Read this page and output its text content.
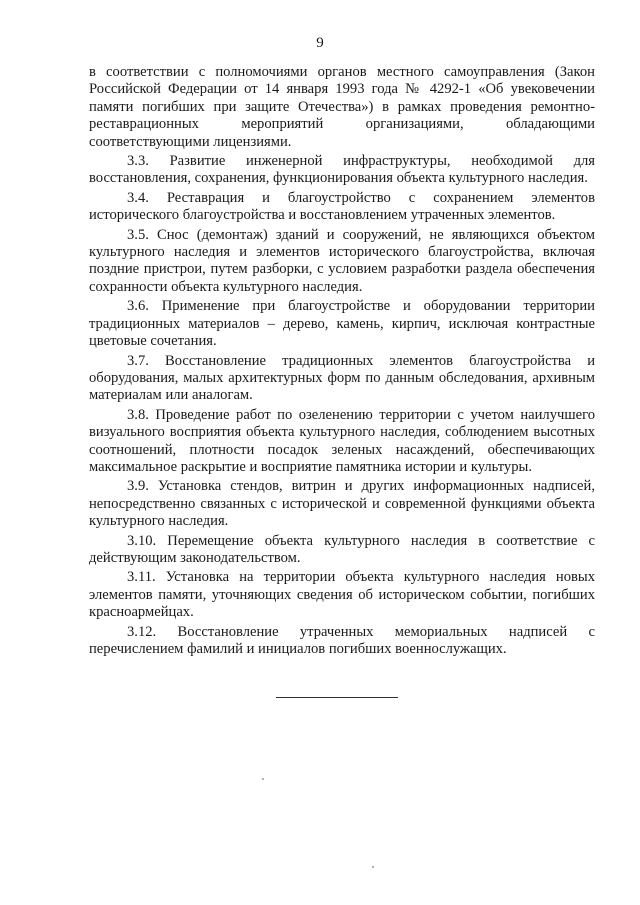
9

в соответствии с полномочиями органов местного самоуправления (Закон Российской Федерации от 14 января 1993 года № 4292-1 «Об увековечении памяти погибших при защите Отечества») в рамках проведения ремонтно-реставрационных мероприятий организациями, обладающими соответствующими лицензиями.

3.3. Развитие инженерной инфраструктуры, необходимой для восстановления, сохранения, функционирования объекта культурного наследия.

3.4. Реставрация и благоустройство с сохранением элементов исторического благоустройства и восстановлением утраченных элементов.

3.5. Снос (демонтаж) зданий и сооружений, не являющихся объектом культурного наследия и элементов исторического благоустройства, включая поздние пристрои, путем разборки, с условием разработки раздела обеспечения сохранности объекта культурного наследия.

3.6. Применение при благоустройстве и оборудовании территории традиционных материалов – дерево, камень, кирпич, исключая контрастные цветовые сочетания.

3.7. Восстановление традиционных элементов благоустройства и оборудования, малых архитектурных форм по данным обследования, архивным материалам или аналогам.

3.8. Проведение работ по озеленению территории с учетом наилучшего визуального восприятия объекта культурного наследия, соблюдением высотных соотношений, плотности посадок зеленых насаждений, обеспечивающих максимальное раскрытие и восприятие памятника истории и культуры.

3.9. Установка стендов, витрин и других информационных надписей, непосредственно связанных с исторической и современной функциями объекта культурного наследия.

3.10. Перемещение объекта культурного наследия в соответствие с действующим законодательством.

3.11. Установка на территории объекта культурного наследия новых элементов памяти, уточняющих сведения об историческом событии, погибших красноармейцах.

3.12. Восстановление утраченных мемориальных надписей с перечислением фамилий и инициалов погибших военнослужащих.
